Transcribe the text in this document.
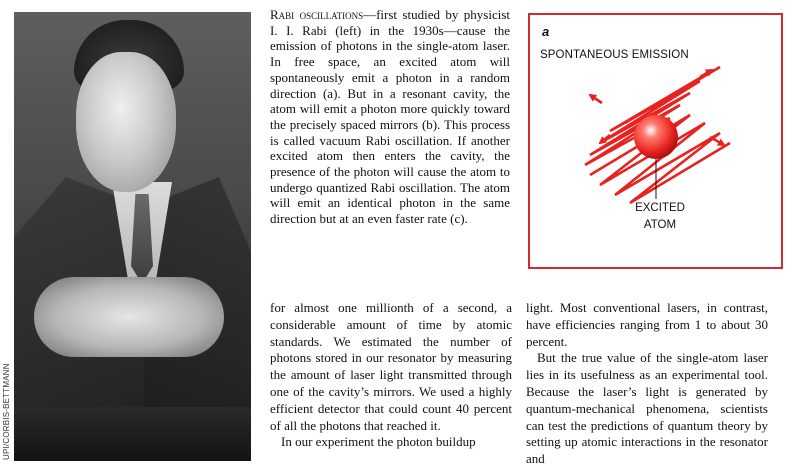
UPI/CORBIS-BETTMANN

Rabi oscillations—first studied by physicist I. I. Rabi (left) in the 1930s—cause the emission of photons in the single-atom laser. In free space, an excited atom will spontaneously emit a photon in a random direction (a). But in a resonant cavity, the atom will emit a photon more quickly toward the precisely spaced mirrors (b). This process is called vacuum Rabi oscillation. If another excited atom then enters the cavity, the presence of the photon will cause the atom to undergo quantized Rabi oscillation. The atom will emit an identical photon in the same direction but at an even faster rate (c).

a
SPONTANEOUS EMISSION
EXCITED
ATOM

for almost one millionth of a second, a considerable amount of time by atomic standards. We estimated the number of photons stored in our resonator by measuring the amount of laser light transmitted through one of the cavity’s mirrors. We used a highly efficient detector that could count 40 percent of all the photons that reached it.

In our experiment the photon buildup

light. Most conventional lasers, in contrast, have efficiencies ranging from 1 to about 30 percent.

But the true value of the single-atom laser lies in its usefulness as an experimental tool. Because the laser’s light is generated by quantum-mechanical phenomena, scientists can test the predictions of quantum theory by setting up atomic interactions in the resonator and
